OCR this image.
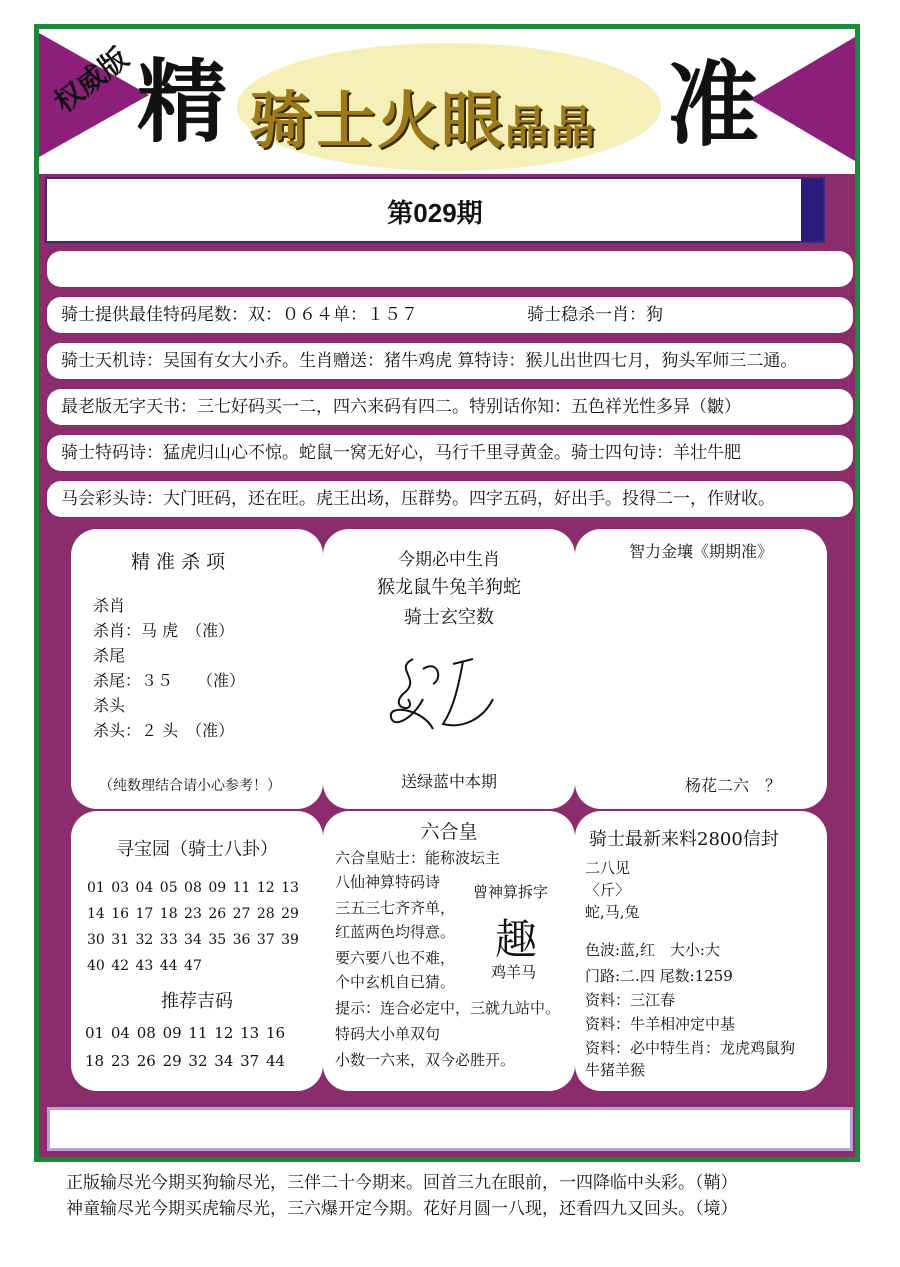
权威版 精 骑士火眼晶晶 准
第029期
骑士提供最佳特码尾数：双：０６４单：１５７	骑士稳杀一肖：狗
骑士天机诗：吴国有女大小乔。生肖赠送：猪牛鸡虎 算特诗：猴儿出世四七月，狗头军师三二通。
最老版无字天书：三七好码买一二，四六来码有四二。特别话你知：五色祥光性多异（皺）
骑士特码诗：猛虎归山心不惊。蛇鼠一窝无好心，马行千里寻黄金。骑士四句诗：羊壮牛肥
马会彩头诗：大门旺码，还在旺。虎王出场，压群势。四字五码，好出手。投得二一，作财收。
精 准 杀 项
杀肖
杀肖：马 虎　（准）
杀尾
杀尾：３５　　（准）
杀头
杀头：２ 头　（准）
（纯数理结合请小心参考！）
今期必中生肖
猴龙鼠牛兔羊狗蛇
骑士玄空数
送绿蓝中本期
智力金壤《期期准》
杨花二六　？
寻宝园（骑士八卦）
01 03 04 05 08 09 11 12 13
14 16 17 18 23 26 27 28 29
30 31 32 33 34 35 36 37 39
40 42 43 44 47
推荐吉码
01 04 08 09 11 12 13 16
18 23 26 29 32 34 37 44
六合皇
六合皇贴士：能称波坛主
八仙神算特码诗
三五三七齐齐单，
红蓝两色均得意。
要六要八也不难，
个中玄机自已猜。
提示：连合必定中，三就九站中。
特码大小单双句
小数一六来，双今必胜开。
曾神算拆字
趣
鸡羊马
骑士最新来料2800信封
二八见
〈斤〉
蛇,马,兔
色波:蓝,红　大小:大
门路:二.四 尾数:1259
资料：三江春
资料：牛羊相冲定中基
资料：必中特生肖：龙虎鸡鼠狗
牛猪羊猴
正版输尽光今期买狗输尽光，三伴二十今期来。回首三九在眼前，一四降临中头彩。（鞘）
神童输尽光今期买虎输尽光，三六爆开定今期。花好月圆一八现，还看四九又回头。（境）
